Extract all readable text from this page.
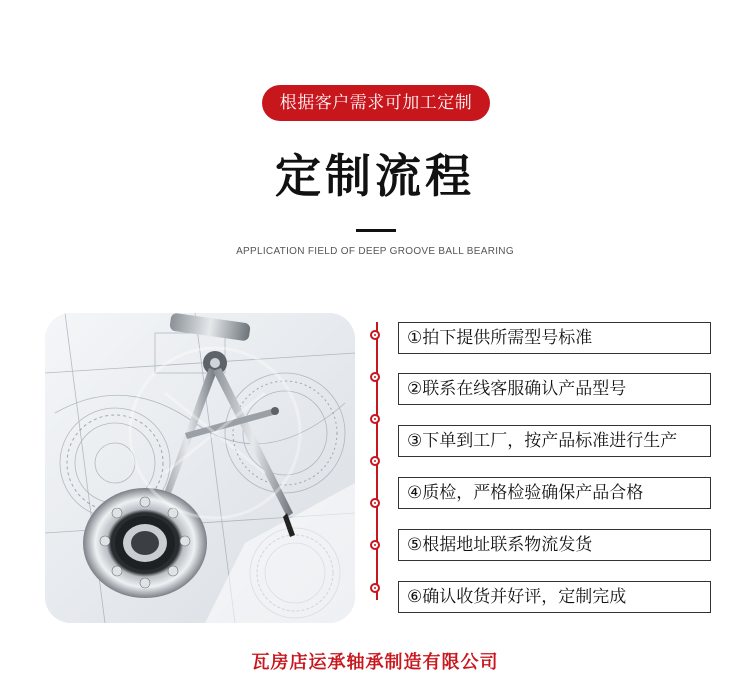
根据客户需求可加工定制
定制流程
APPLICATION FIELD OF DEEP GROOVE BALL BEARING
①拍下提供所需型号标准
②联系在线客服确认产品型号
③下单到工厂，按产品标准进行生产
④质检，严格检验确保产品合格
⑤根据地址联系物流发货
⑥确认收货并好评，定制完成
瓦房店运承轴承制造有限公司
